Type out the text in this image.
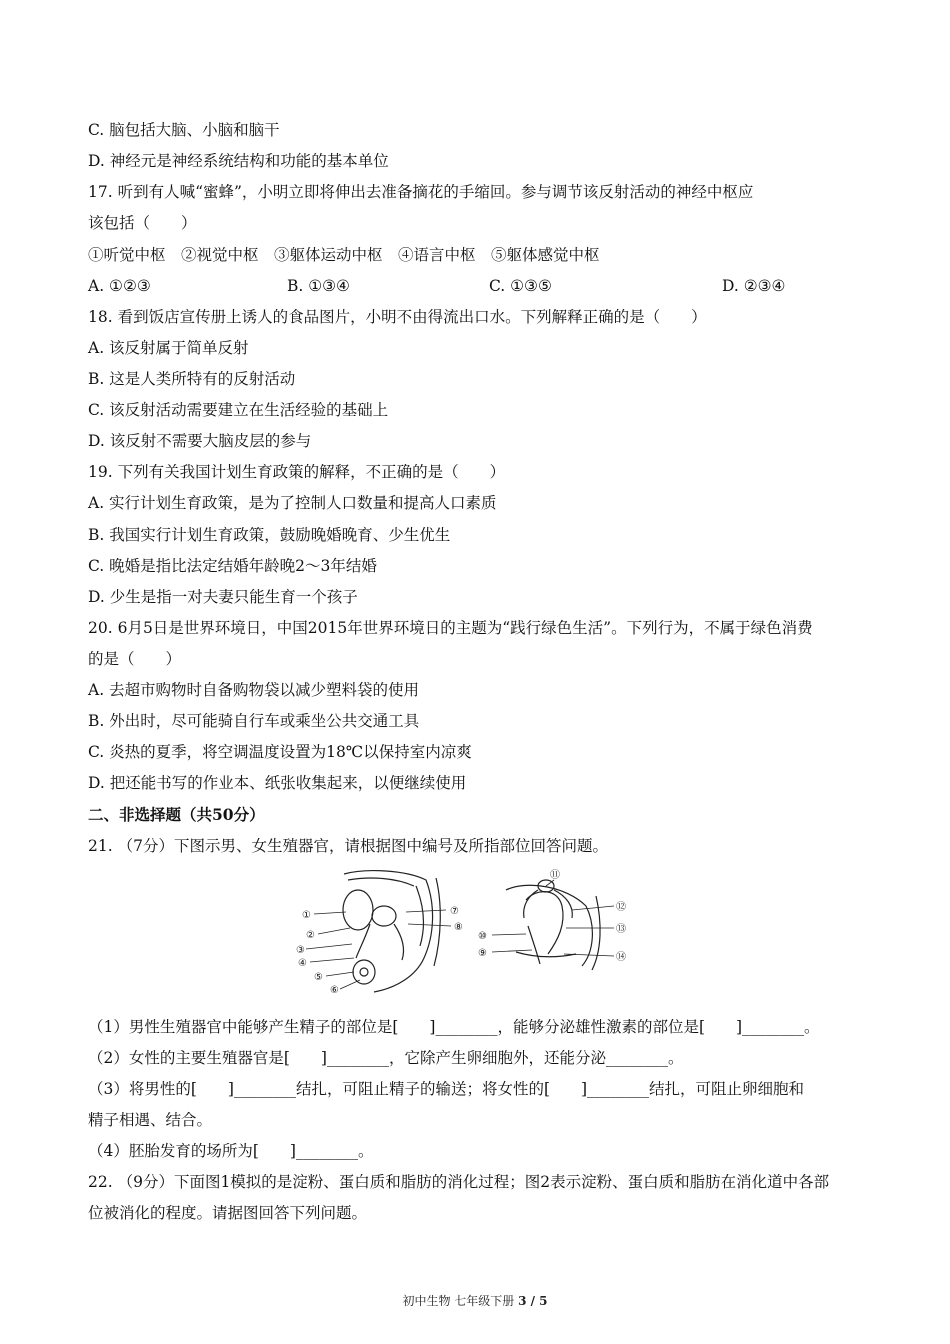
C. 脑包括大脑、小脑和脑干
D. 神经元是神经系统结构和功能的基本单位
17. 听到有人喊“蜜蜂”，小明立即将伸出去准备摘花的手缩回。参与调节该反射活动的神经中枢应
该包括（　　）
①听觉中枢　②视觉中枢　③躯体运动中枢　④语言中枢　⑤躯体感觉中枢
A. ①②③	B. ①③④	C. ①③⑤	D. ②③④
18. 看到饭店宣传册上诱人的食品图片，小明不由得流出口水。下列解释正确的是（　　）
A. 该反射属于简单反射
B. 这是人类所特有的反射活动
C. 该反射活动需要建立在生活经验的基础上
D. 该反射不需要大脑皮层的参与
19. 下列有关我国计划生育政策的解释，不正确的是（　　）
A. 实行计划生育政策，是为了控制人口数量和提高人口素质
B. 我国实行计划生育政策，鼓励晚婚晚育、少生优生
C. 晚婚是指比法定结婚年龄晚2～3年结婚
D. 少生是指一对夫妻只能生育一个孩子
20. 6月5日是世界环境日，中国2015年世界环境日的主题为“践行绿色生活”。下列行为，不属于绿色消费
的是（　　）
A. 去超市购物时自备购物袋以减少塑料袋的使用
B. 外出时，尽可能骑自行车或乘坐公共交通工具
C. 炎热的夏季，将空调温度设置为18℃以保持室内凉爽
D. 把还能书写的作业本、纸张收集起来，以便继续使用
二、非选择题（共50分）
21. （7分）下图示男、女生殖器官，请根据图中编号及所指部位回答问题。
①
②
③
④
⑤
⑥
⑦
⑧
⑪
⑫
⑬
⑭
⑨
⑩
（1）男性生殖器官中能够产生精子的部位是[　　]________，能够分泌雄性激素的部位是[　　]________。
（2）女性的主要生殖器官是[　　]________，它除产生卵细胞外，还能分泌________。
（3）将男性的[　　]________结扎，可阻止精子的输送；将女性的[　　]________结扎，可阻止卵细胞和
精子相遇、结合。
（4）胚胎发育的场所为[　　]________。
22. （9分）下面图1模拟的是淀粉、蛋白质和脂肪的消化过程；图2表示淀粉、蛋白质和脂肪在消化道中各部
位被消化的程度。请据图回答下列问题。
初中生物 七年级下册 3 / 5
